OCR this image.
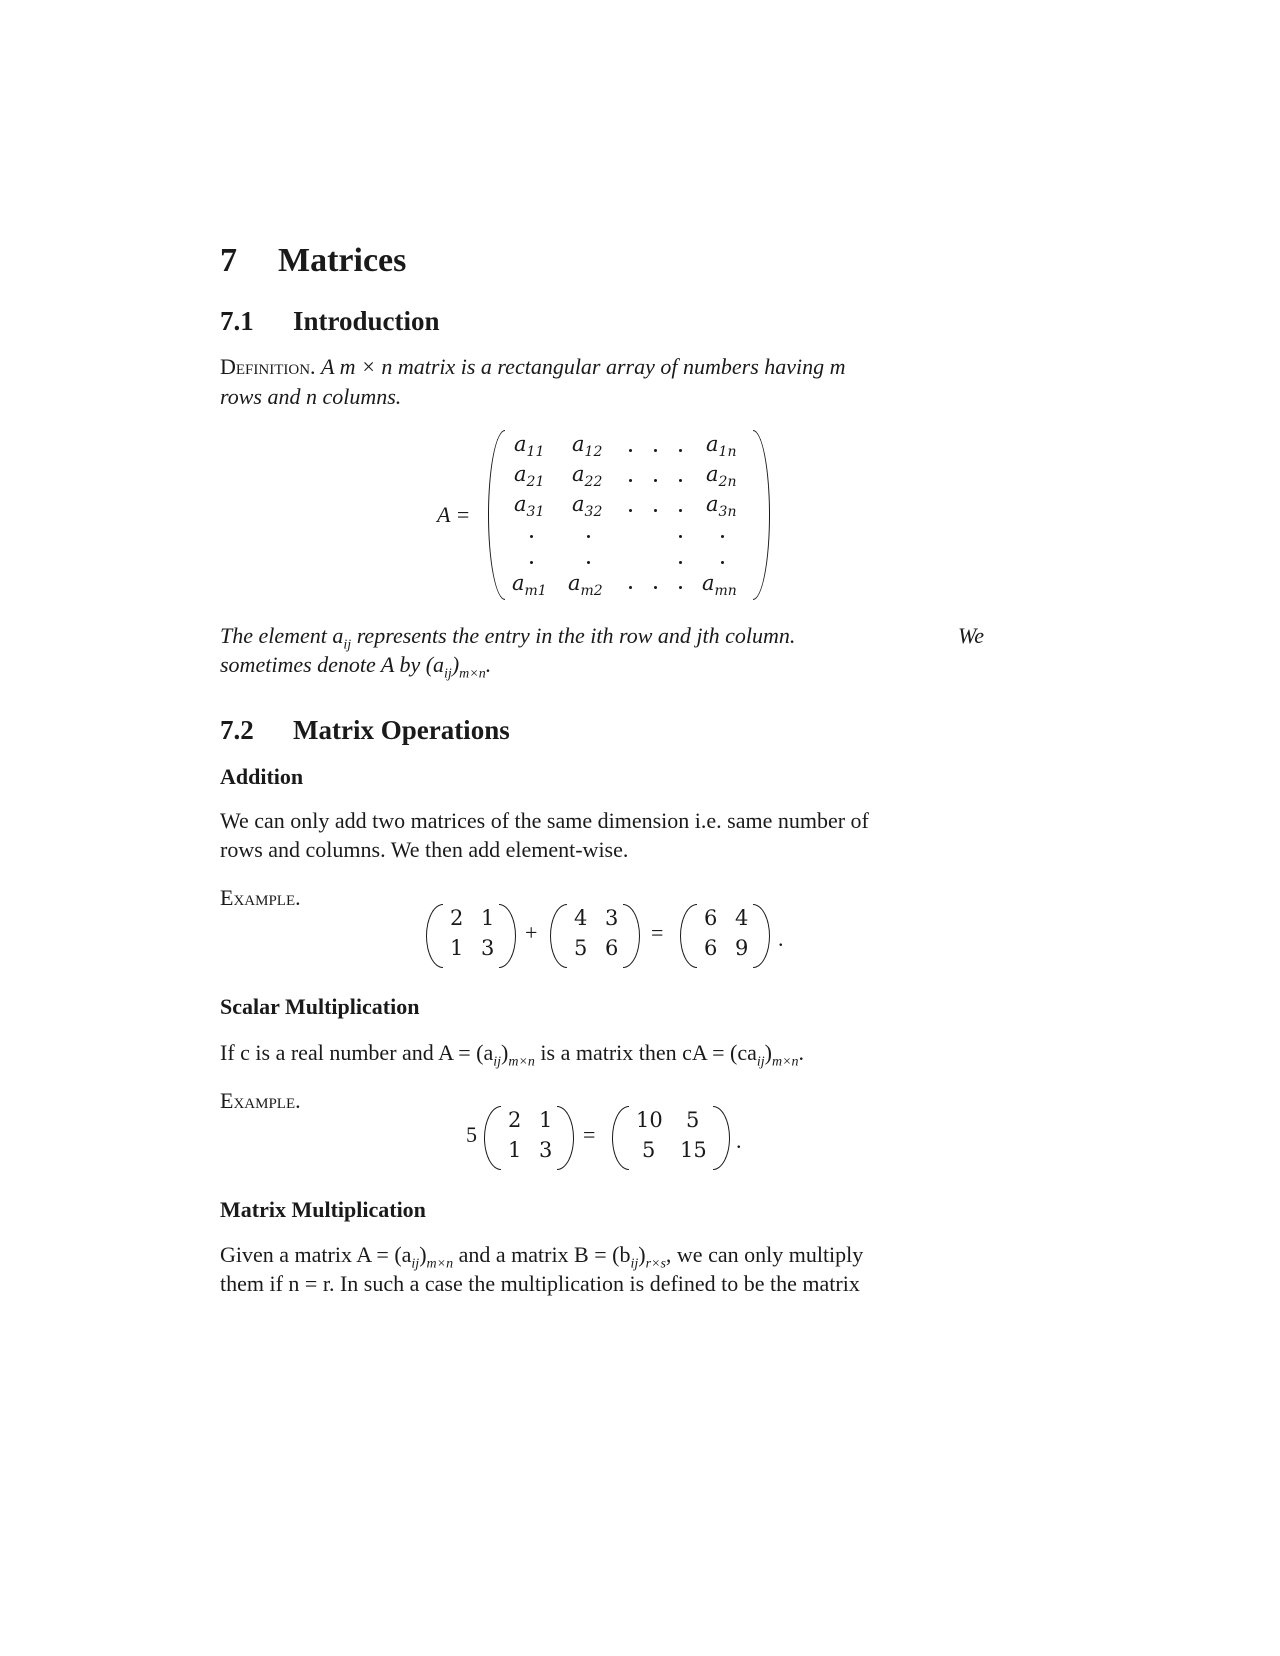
7 Matrices
7.1 Introduction
Definition. A m × n matrix is a rectangular array of numbers having m
rows and n columns.
A =
$a_{11}$ $a_{12}$	$a_{1n}$
$a_{21}$ $a_{22}$	$a_{2n}$
$a_{31}$ $a_{32}$	$a_{3n}$
$a_{m1}$ $a_{m2}$	$a_{mn}$
The element $a_{ij}$ represents the entry in the ith row and jth column.	We
sometimes denote A by $(a_{ij})_{m\times n}$.
7.2 Matrix Operations
Addition
We can only add two matrices of the same dimension i.e. same number of
rows and columns. We then add element-wise.
Example.
2 1
1 3
+
4 3
5 6
=
6 4
6 9 .
Scalar Multiplication
If c is a real number and $A = (a_{ij})_{m\times n}$ is a matrix then cA = $(ca_{ij})_{m\times n}$.
Example.
5
2 1
1 3
=
10 5
5 15 .
Matrix Multiplication
Given a matrix $A = (a_{ij})_{m\times n}$ and a matrix $B = (b_{ij})_{r\times s}$, we can only multiply
them if n = r. In such a case the multiplication is defined to be the matrix
